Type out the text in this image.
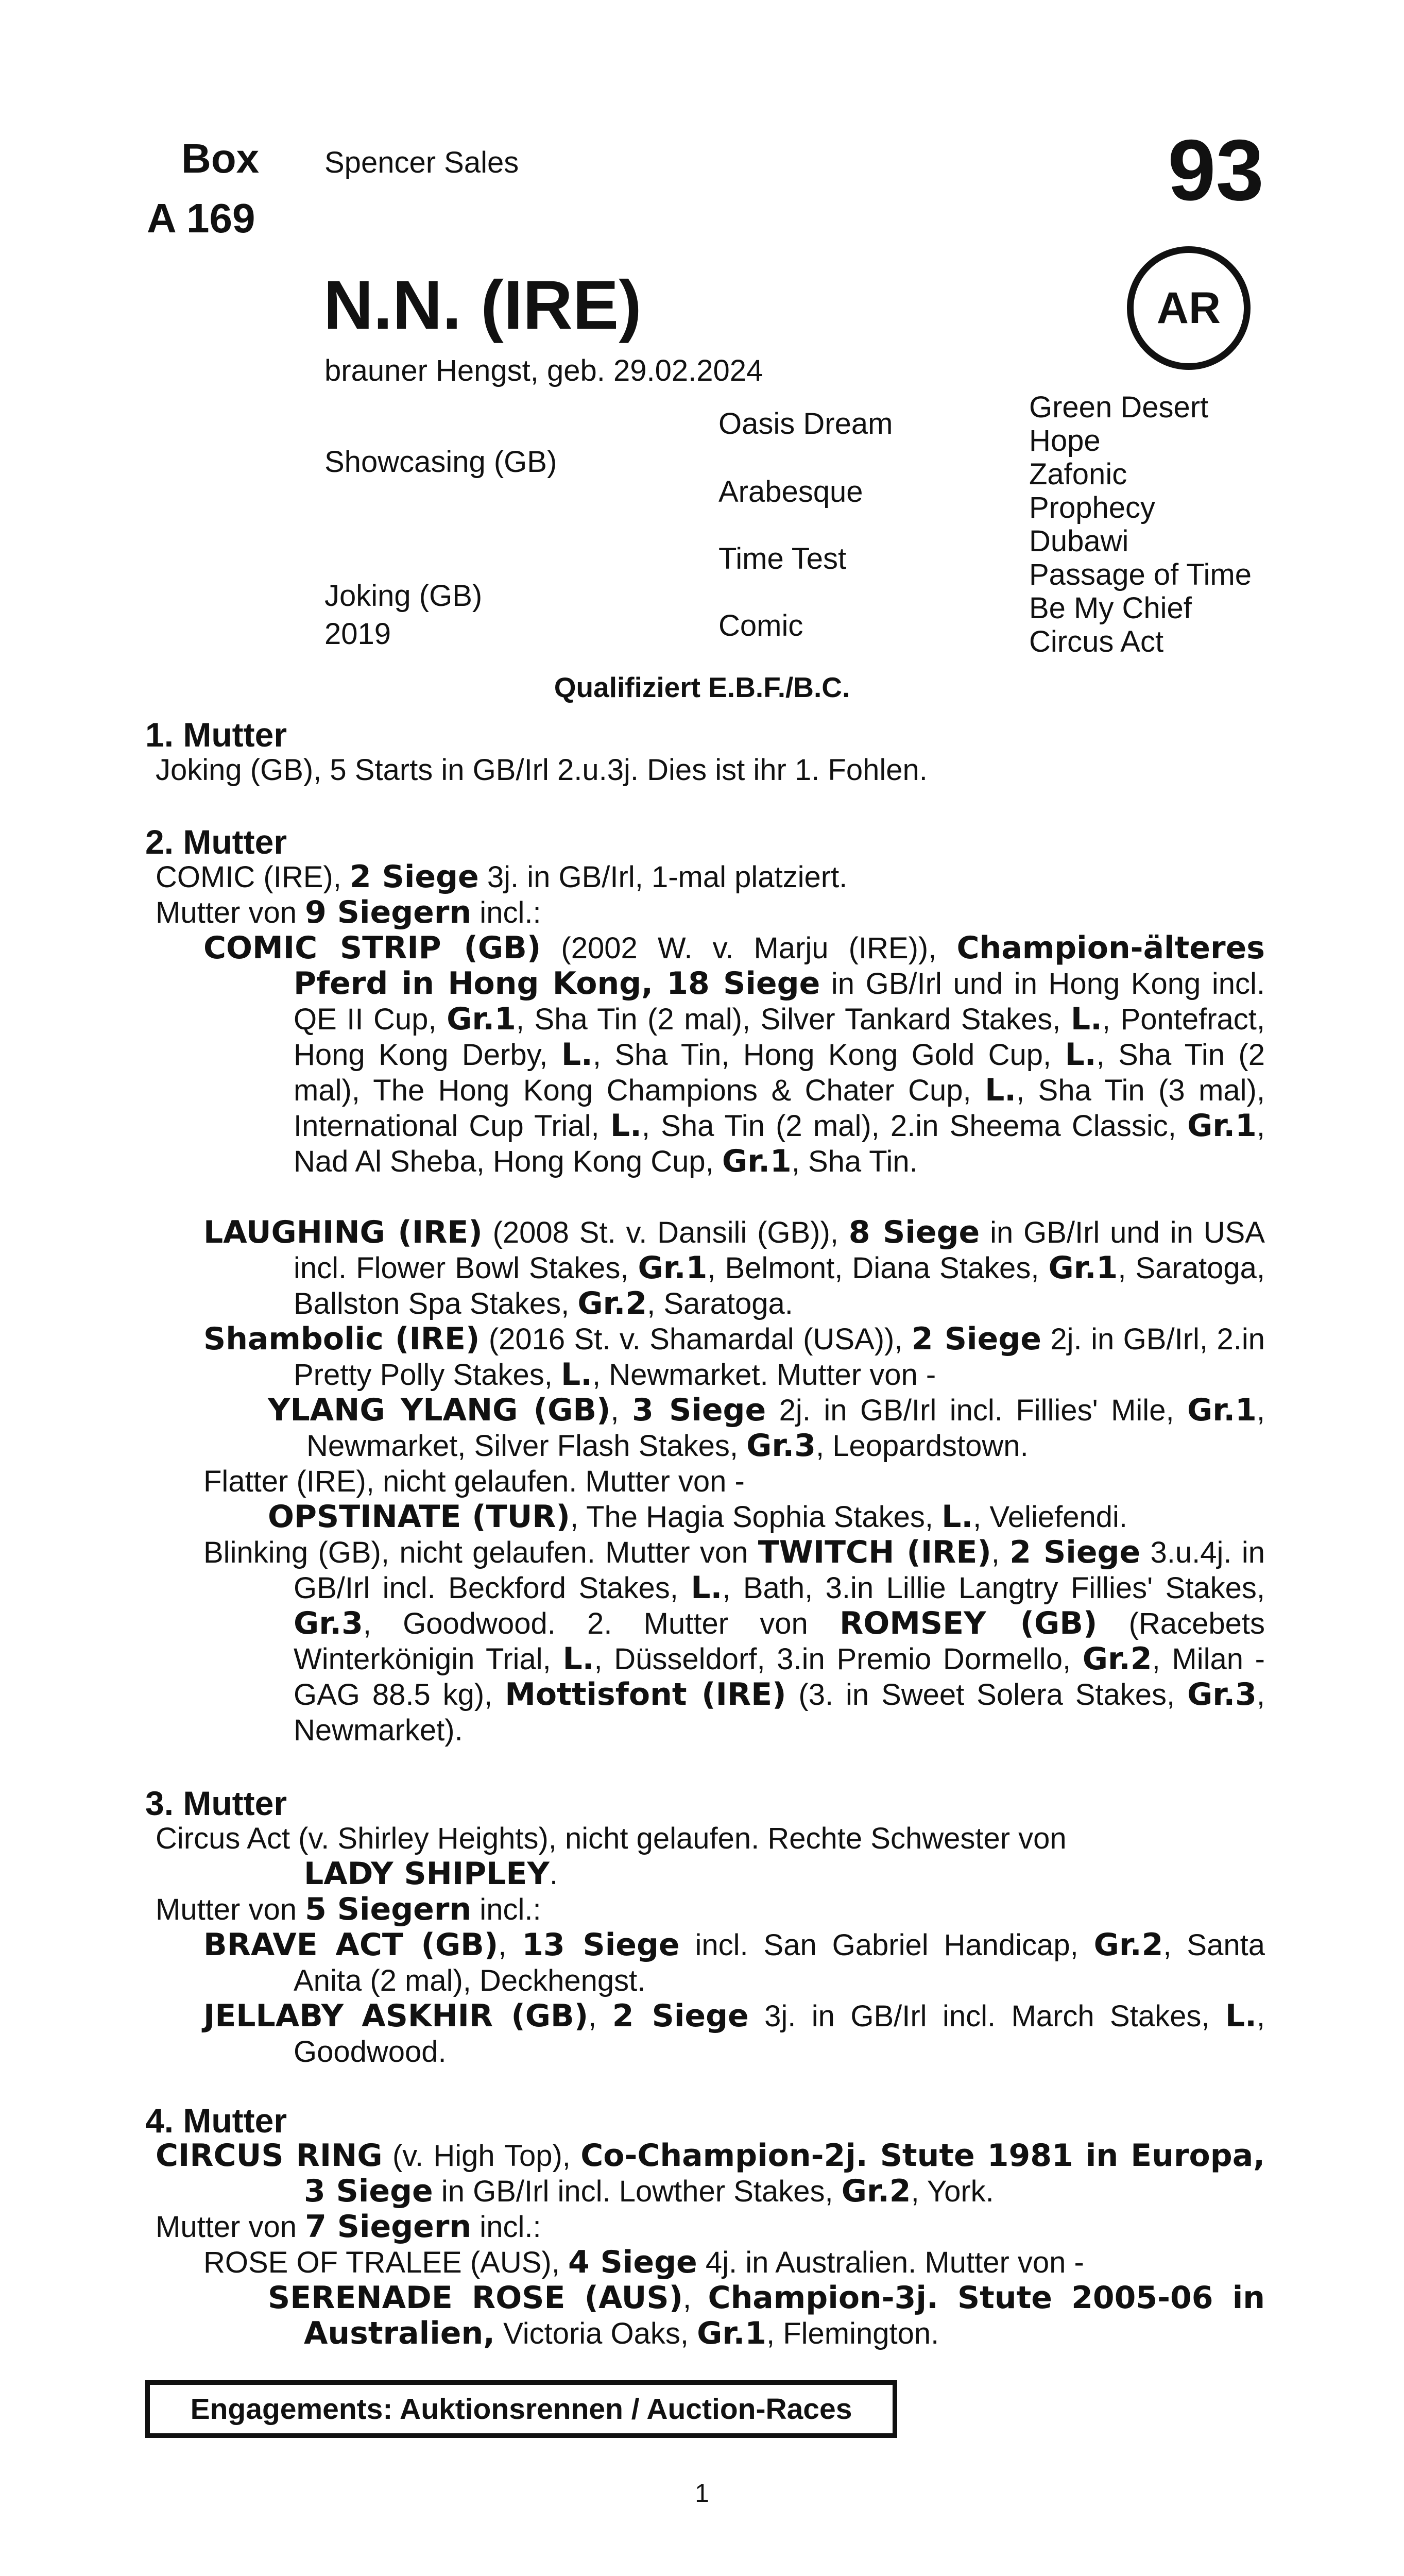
Box
A 169
Spencer Sales	93
N.N. (IRE)	AR
brauner Hengst, geb. 29.02.2024
Showcasing (GB)
Joking (GB)
2019
Oasis Dream
Arabesque
Time Test
Comic
Green Desert
Hope
Zafonic
Prophecy
Dubawi
Passage of Time
Be My Chief
Circus Act
Qualifiziert E.B.F./B.C.
1. Mutter
Joking (GB), 5 Starts in GB/Irl 2.u.3j. Dies ist ihr 1. Fohlen.
2. Mutter
COMIC (IRE), 2 Siege 3j. in GB/Irl, 1-mal platziert.
Mutter von 9 Siegern incl.:
COMIC STRIP (GB) (2002 W. v. Marju (IRE)), Champion-älteres Pferd in Hong Kong, 18 Siege in GB/Irl und in Hong Kong incl. QE II Cup, Gr.1, Sha Tin (2 mal), Silver Tankard Stakes, L., Pontefract, Hong Kong Derby, L., Sha Tin, Hong Kong Gold Cup, L., Sha Tin (2 mal), The Hong Kong Champions & Chater Cup, L., Sha Tin (3 mal), International Cup Trial, L., Sha Tin (2 mal), 2.in Sheema Classic, Gr.1, Nad Al Sheba, Hong Kong Cup, Gr.1, Sha Tin.
LAUGHING (IRE) (2008 St. v. Dansili (GB)), 8 Siege in GB/Irl und in USA incl. Flower Bowl Stakes, Gr.1, Belmont, Diana Stakes, Gr.1, Saratoga, Ballston Spa Stakes, Gr.2, Saratoga.
Shambolic (IRE) (2016 St. v. Shamardal (USA)), 2 Siege 2j. in GB/Irl, 2.in Pretty Polly Stakes, L., Newmarket. Mutter von -
YLANG YLANG (GB), 3 Siege 2j. in GB/Irl incl. Fillies' Mile, Gr.1, Newmarket, Silver Flash Stakes, Gr.3, Leopardstown.
Flatter (IRE), nicht gelaufen. Mutter von -
OPSTINATE (TUR), The Hagia Sophia Stakes, L., Veliefendi.
Blinking (GB), nicht gelaufen. Mutter von TWITCH (IRE), 2 Siege 3.u.4j. in GB/Irl incl. Beckford Stakes, L., Bath, 3.in Lillie Langtry Fillies' Stakes, Gr.3, Goodwood. 2. Mutter von ROMSEY (GB) (Racebets Winterkönigin Trial, L., Düsseldorf, 3.in Premio Dormello, Gr.2, Milan - GAG 88.5 kg), Mottisfont (IRE) (3. in Sweet Solera Stakes, Gr.3, Newmarket).
3. Mutter
Circus Act (v. Shirley Heights), nicht gelaufen. Rechte Schwester von
LADY SHIPLEY.
Mutter von 5 Siegern incl.:
BRAVE ACT (GB), 13 Siege incl. San Gabriel Handicap, Gr.2, Santa Anita (2 mal), Deckhengst.
JELLABY ASKHIR (GB), 2 Siege 3j. in GB/Irl incl. March Stakes, L., Goodwood.
4. Mutter
CIRCUS RING (v. High Top), Co-Champion-2j. Stute 1981 in Europa, 3 Siege in GB/Irl incl. Lowther Stakes, Gr.2, York.
Mutter von 7 Siegern incl.:
ROSE OF TRALEE (AUS), 4 Siege 4j. in Australien. Mutter von -
SERENADE ROSE (AUS), Champion-3j. Stute 2005-06 in Australien, Victoria Oaks, Gr.1, Flemington.
Engagements: Auktionsrennen / Auction-Races
1
